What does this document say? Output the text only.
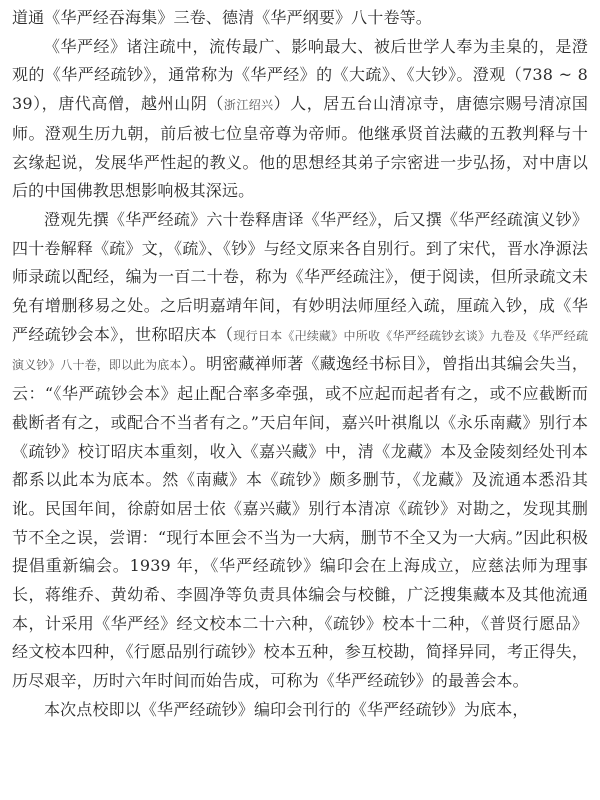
道通《华严经吞海集》三卷、德清《华严纲要》八十卷等。

《华严经》诸注疏中，流传最广、影响最大、被后世学人奉为圭臬的，是澄观的《华严经疏钞》，通常称为《华严经》的《大疏》、《大钞》。澄观（738 ~ 839），唐代高僧，越州山阴（浙江绍兴）人，居五台山清凉寺，唐德宗赐号清凉国师。澄观生历九朝，前后被七位皇帝尊为帝师。他继承贤首法藏的五教判释与十玄缘起说，发展华严性起的教义。他的思想经其弟子宗密进一步弘扬，对中唐以后的中国佛教思想影响极其深远。

澄观先撰《华严经疏》六十卷释唐译《华严经》，后又撰《华严经疏演义钞》四十卷解释《疏》文，《疏》、《钞》与经文原来各自别行。到了宋代，晋水净源法师录疏以配经，编为一百二十卷，称为《华严经疏注》，便于阅读，但所录疏文未免有增删移易之处。之后明嘉靖年间，有妙明法师厘经入疏，厘疏入钞，成《华严经疏钞会本》，世称昭庆本（现行日本《卍续藏》中所收《华严经疏钞玄谈》九卷及《华严经疏演义钞》八十卷，即以此为底本）。明密藏禅师著《藏逸经书标目》，曾指出其编会失当，云：“《华严疏钞会本》起止配合率多牵强，或不应起而起者有之，或不应截断而截断者有之，或配合不当者有之。”天启年间，嘉兴叶祺胤以《永乐南藏》别行本《疏钞》校订昭庆本重刻，收入《嘉兴藏》中，清《龙藏》本及金陵刻经处刊本都系以此本为底本。然《南藏》本《疏钞》颇多删节，《龙藏》及流通本悉沿其讹。民国年间，徐蔚如居士依《嘉兴藏》别行本清凉《疏钞》对勘之，发现其删节不全之误，尝谓：“现行本匣会不当为一大病，删节不全又为一大病。”因此积极提倡重新编会。1939 年，《华严经疏钞》编印会在上海成立，应慈法师为理事长，蒋维乔、黄幼希、李圆净等负责具体编会与校雠，广泛搜集藏本及其他流通本，计采用《华严经》经文校本二十六种，《疏钞》校本十二种，《普贤行愿品》经文校本四种，《行愿品别行疏钞》校本五种，参互校勘，简择异同，考正得失，历尽艰辛，历时六年时间而始告成，可称为《华严经疏钞》的最善会本。

本次点校即以《华严经疏钞》编印会刊行的《华严经疏钞》为底本，
